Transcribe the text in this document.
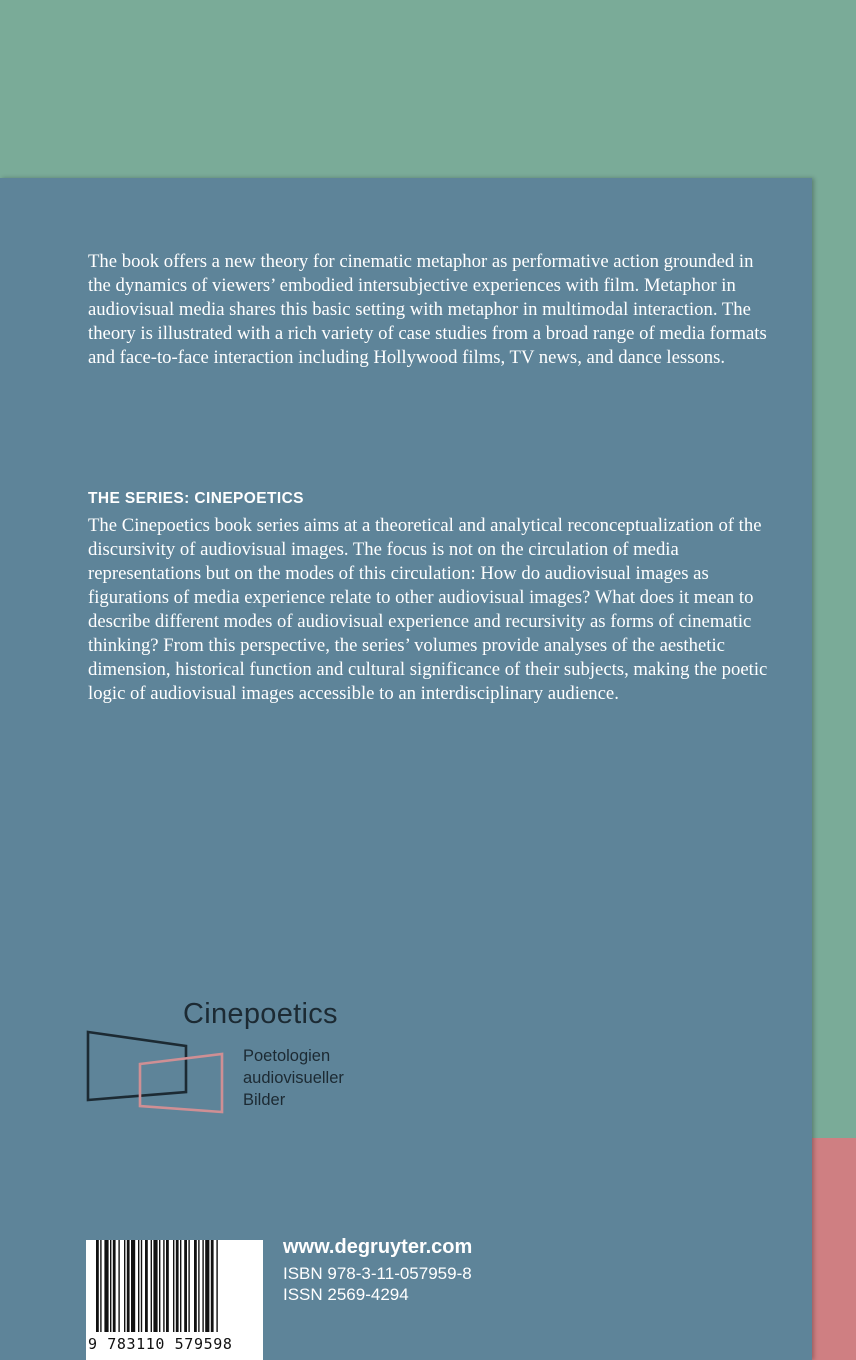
The book offers a new theory for cinematic metaphor as performative action grounded in the dynamics of viewers’ embodied intersubjective experiences with film. Metaphor in audiovisual media shares this basic setting with metaphor in multimodal interaction. The theory is illustrated with a rich variety of case studies from a broad range of media formats and face-to-face interaction including Hollywood films, TV news, and dance lessons.

THE SERIES: CINEPOETICS

The Cinepoetics book series aims at a theoretical and analytical reconceptualization of the discursivity of audiovisual images. The focus is not on the circulation of media representations but on the modes of this circulation: How do audiovisual images as figurations of media experience relate to other audiovisual images? What does it mean to describe different modes of audiovisual experience and recursivity as forms of cinematic thinking? From this perspective, the series’ volumes provide analyses of the aesthetic dimension, historical function and cultural significance of their subjects, making the poetic logic of audiovisual images accessible to an interdisciplinary audience.

Cinepoetics
Poetologien
audiovisueller
Bilder
9 783110 579598
www.degruyter.com
ISBN 978-3-11-057959-8
ISSN 2569-4294
